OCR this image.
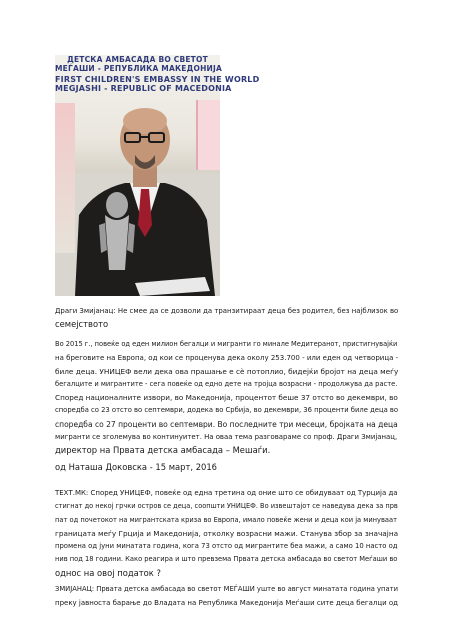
ДЕТСКА АМБАСАДА ВО СВЕТОТ
МЕЃАШИ - РЕПУБЛИКА МАКЕДОНИЈА
FIRST CHILDREN'S EMBASSY IN THE WORLD
MEGJASHI - REPUBLIC OF MACEDONIA
Драги Змијанац: Не смее да се дозволи да транзитираат деца без родител, без најблизок во
семејството
Во 2015 г., повеќе од еден милион бегалци и мигранти го минале Медитеранот, пристигнувајќи
на бреговите на Европа, од кои се проценува дека околу 253.700 - или еден од четворица -
биле деца. УНИЦЕФ вели дека ова прашање е сè потоплио, бидејќи бројот на деца меѓу
бегалците и мигрантите - сега повеќе од едно дете на тројца возрасни - продолжува да расте.
Според националните извори, во Македонија, процентот беше 37 отсто во декември, во
споредба со 23 отсто во септември, додека во Србија, во декември, 36 проценти биле деца во
споредба со 27 проценти во септември. Во последните три месеци, бројката на деца
мигранти се зголемува во континуитет. На оваа тема разговараме со проф. Драги Змијанац,
директор на Првата детска амбасада – Мешаѓи.
од Наташа Доковска - 15 март, 2016
ТЕХТ.МК: Според УНИЦЕФ, повеќе од една третина од оние што се обидуваат од Турција да
стигнат до некој грчки остров се деца, соопшти УНИЦЕФ. Во извештајот се наведува дека за прв
пат од почетокот на мигрантската криза во Европа, имало повеќе жени и деца кои ја минуваат
границата меѓу Грција и Македонија, отколку возрасни мажи. Станува збор за значајна
промена од јуни минатата година, кога 73 отсто од мигрантите беа мажи, а само 10 насто од
нив под 18 години. Како реагира и што превзема Првата детска амбасада во светот Меѓаши во
однос на овој податок ?
ЗМИЈАНАЦ: Првата детска амбасада во светот МЕЃАШИ уште во август минатата година упати
преку јавноста барање до Владата на Република Македонија Меѓаши сите деца бегалци од
